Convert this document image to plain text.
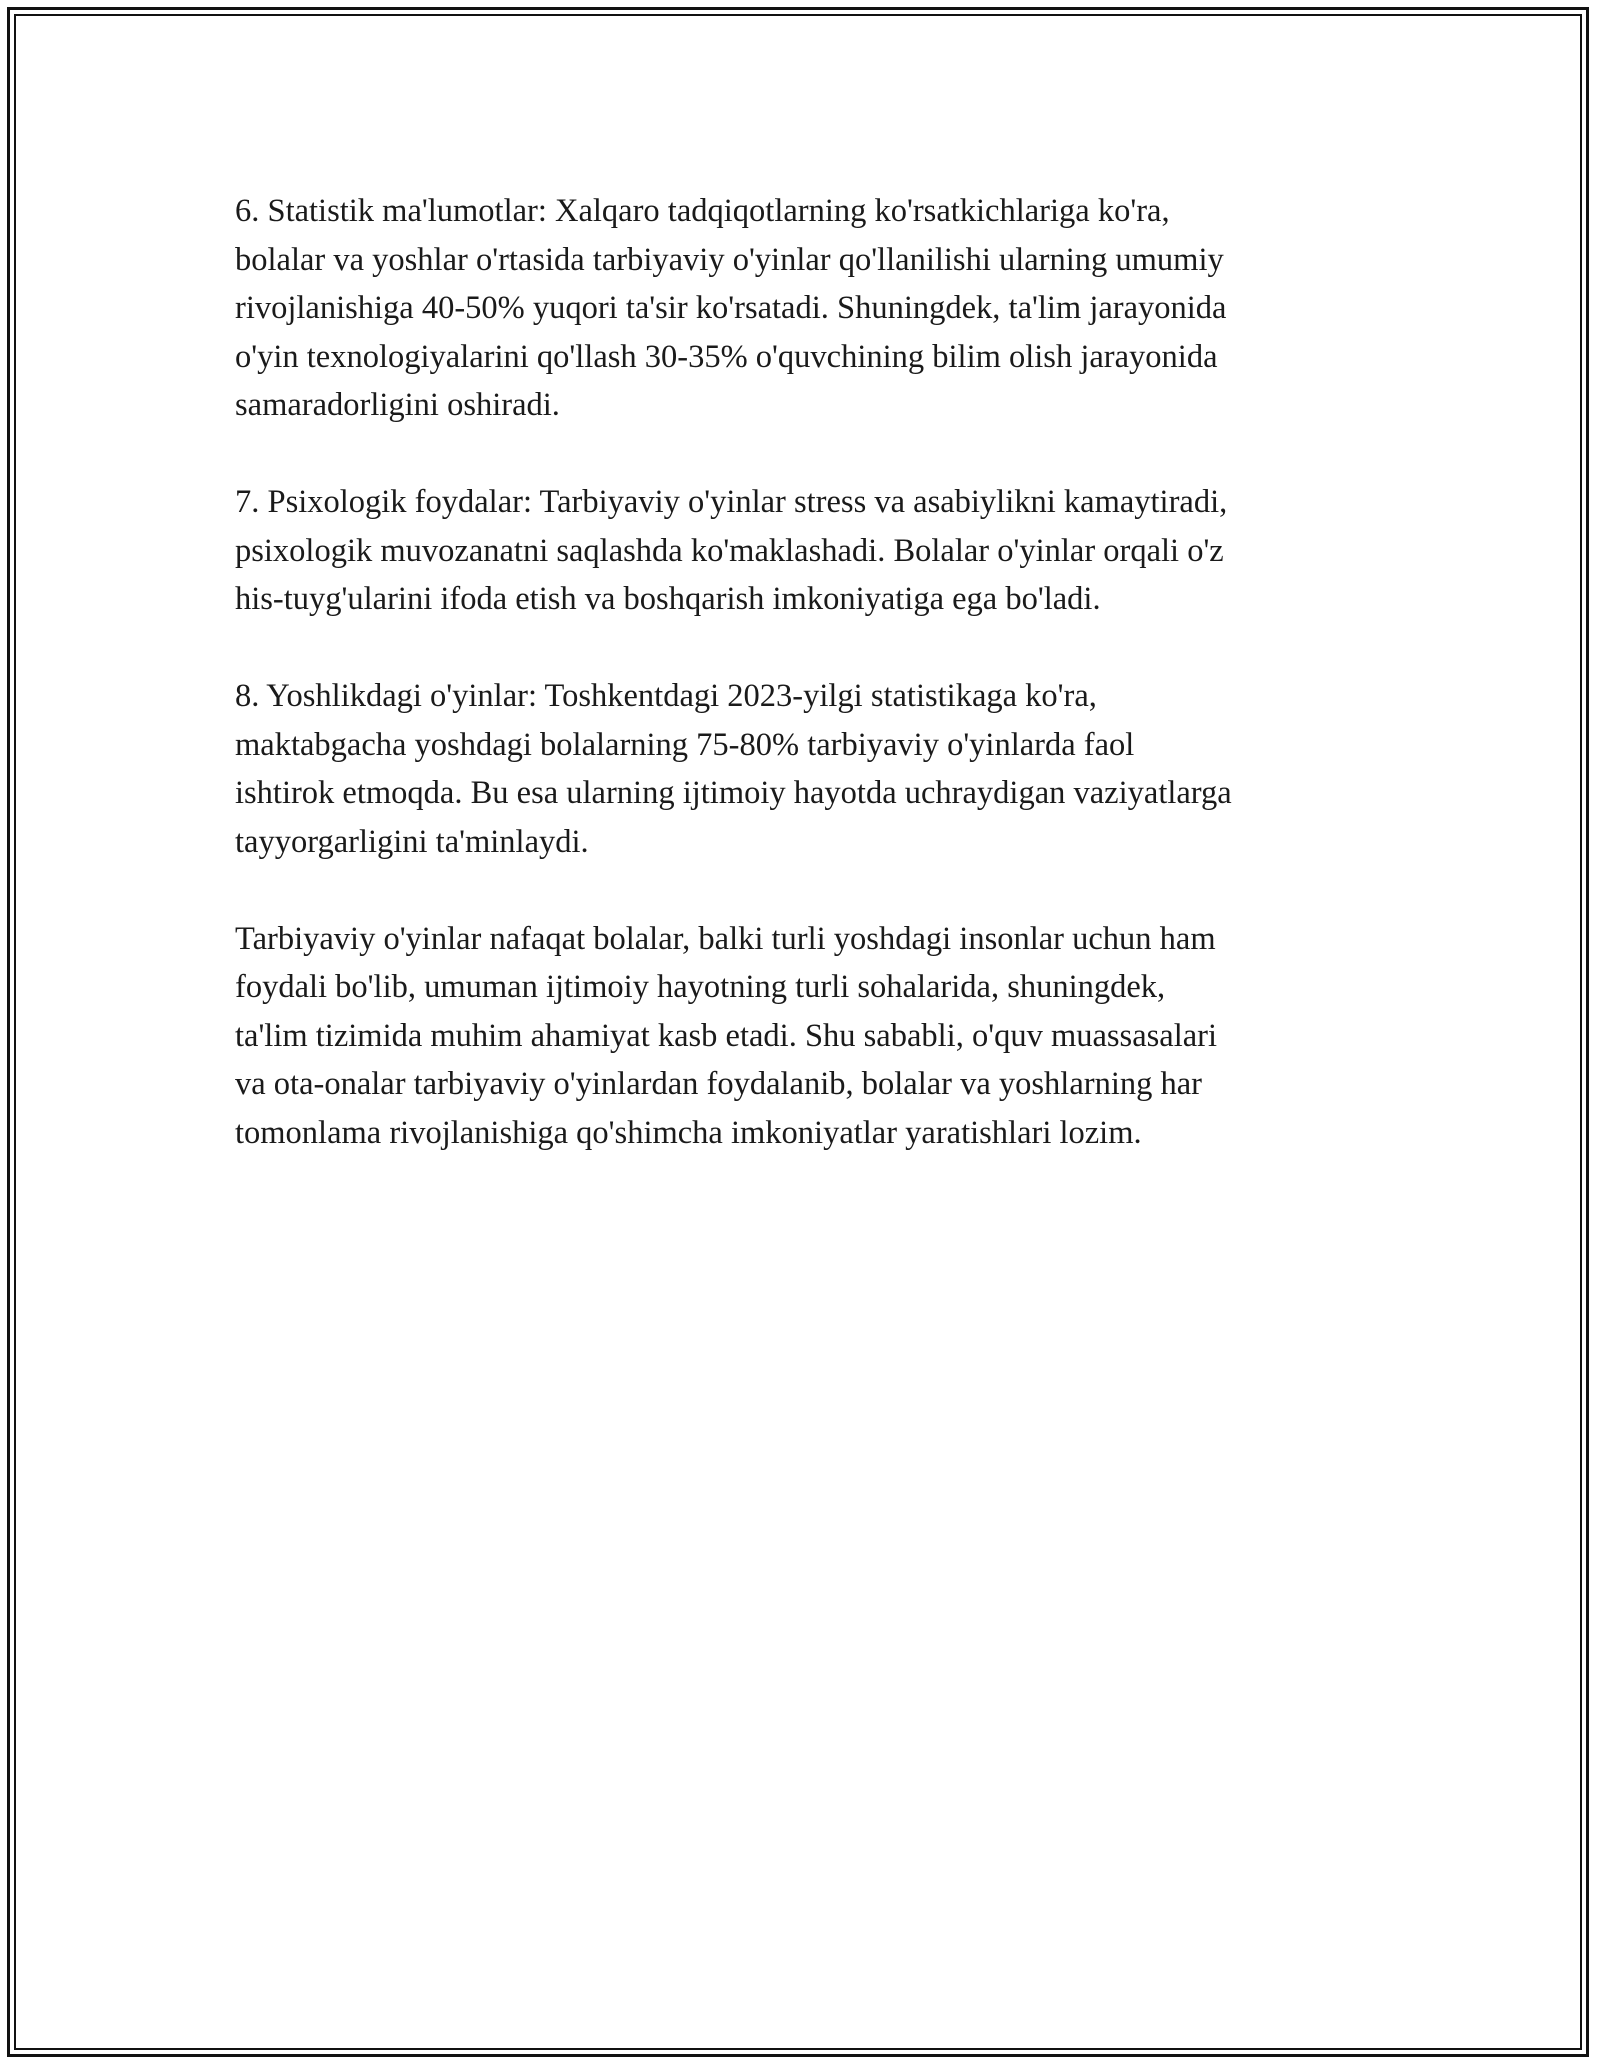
6. Statistik ma'lumotlar: Xalqaro tadqiqotlarning ko'rsatkichlariga ko'ra,
bolalar va yoshlar o'rtasida tarbiyaviy o'yinlar qo'llanilishi ularning umumiy
rivojlanishiga 40-50% yuqori ta'sir ko'rsatadi. Shuningdek, ta'lim jarayonida
o'yin texnologiyalarini qo'llash 30-35% o'quvchining bilim olish jarayonida
samaradorligini oshiradi.

7. Psixologik foydalar: Tarbiyaviy o'yinlar stress va asabiylikni kamaytiradi,
psixologik muvozanatni saqlashda ko'maklashadi. Bolalar o'yinlar orqali o'z
his-tuyg'ularini ifoda etish va boshqarish imkoniyatiga ega bo'ladi.

8. Yoshlikdagi o'yinlar: Toshkentdagi 2023-yilgi statistikaga ko'ra,
maktabgacha yoshdagi bolalarning 75-80% tarbiyaviy o'yinlarda faol
ishtirok etmoqda. Bu esa ularning ijtimoiy hayotda uchraydigan vaziyatlarga
tayyorgarligini ta'minlaydi.

Tarbiyaviy o'yinlar nafaqat bolalar, balki turli yoshdagi insonlar uchun ham
foydali bo'lib, umuman ijtimoiy hayotning turli sohalarida, shuningdek,
ta'lim tizimida muhim ahamiyat kasb etadi. Shu sababli, o'quv muassasalari
va ota-onalar tarbiyaviy o'yinlardan foydalanib, bolalar va yoshlarning har
tomonlama rivojlanishiga qo'shimcha imkoniyatlar yaratishlari lozim.
